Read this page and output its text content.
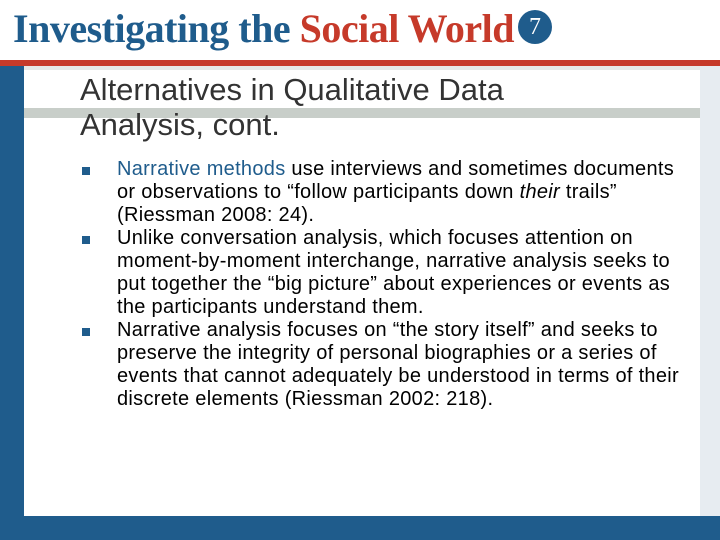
Investigating the Social World 7
Alternatives in Qualitative Data
Analysis, cont.
Narrative methods use interviews and sometimes documents or observations to “follow participants down their trails” (Riessman 2008: 24).
Unlike conversation analysis, which focuses attention on moment-by-moment interchange, narrative analysis seeks to put together the “big picture” about experiences or events as the participants understand them.
Narrative analysis focuses on “the story itself” and seeks to preserve the integrity of personal biographies or a series of events that cannot adequately be understood in terms of their discrete elements (Riessman 2002: 218).
